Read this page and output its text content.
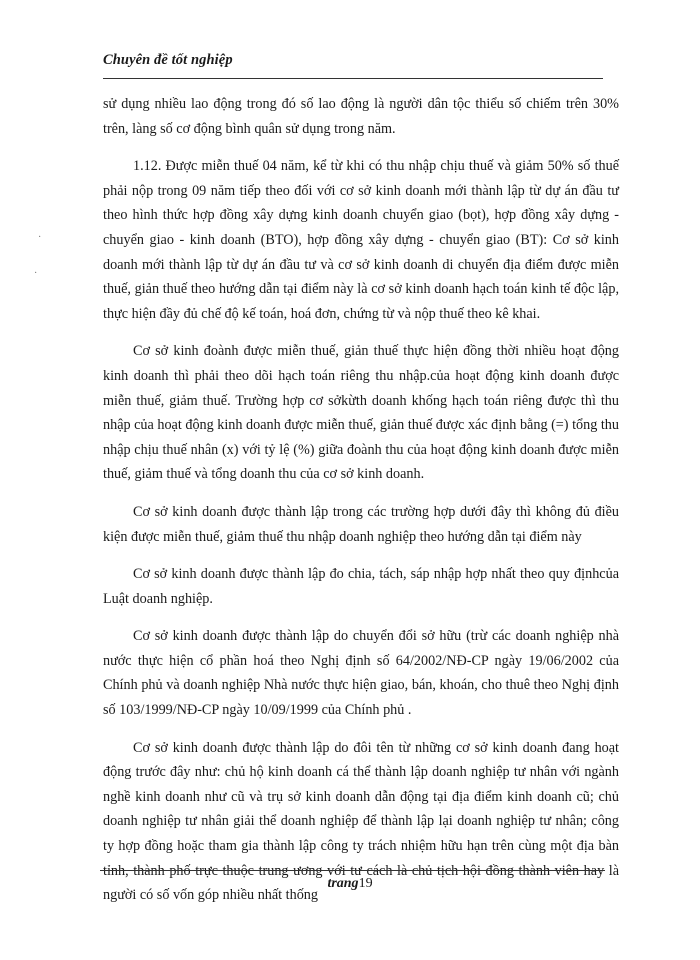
Chuyên đề tốt nghiệp

sử dụng nhiều lao động trong đó số lao động là người dân tộc thiểu số chiếm trên 30% trên, làng số cơ động bình quân sử dụng trong năm.

1.12. Được miễn thuế 04 năm, kể từ khi có thu nhập chịu thuế và giảm 50% số thuế phải nộp trong 09 năm tiếp theo đối với cơ sở kinh doanh mới thành lập từ dự án đầu tư theo hình thức hợp đồng xây dựng kinh doanh chuyển giao (bọt), hợp đồng xây dựng - chuyển giao - kinh doanh (BTO), hợp đồng xây dựng - chuyển giao (BT): Cơ sở kinh doanh mới thành lập từ dự án đầu tư và cơ sở kinh doanh di chuyển địa điểm được miễn thuế, giản thuế theo hướng dẫn tại điểm này là cơ sở kinh doanh hạch toán kinh tế độc lập, thực hiện đầy đủ chế độ kế toán, hoá đơn, chứng từ và nộp thuế theo kê khai.

Cơ sở kinh đoành được miễn thuế, giản thuế thực hiện đồng thời nhiều hoạt động kinh doanh thì phải theo dõi hạch toán riêng thu nhập.của hoạt động kinh doanh được miễn thuế, giảm thuế. Trường hợp cơ sởkừth doanh khống hạch toán riêng được thì thu nhập của hoạt động kinh doanh được miễn thuế, giản thuế được xác định bằng (=) tổng thu nhập chịu thuế nhân (x) với tỷ lệ (%) giữa đoành thu của hoạt động kinh doanh được miễn thuế, giảm thuế và tổng doanh thu của cơ sở kinh doanh.

Cơ sở kinh doanh được thành lập trong các trường hợp dưới đây thì không đủ điều kiện được miễn thuế, giảm thuế thu nhập doanh nghiệp theo hướng dẫn tại điểm này

Cơ sở kinh doanh được thành lập đo chia, tách, sáp nhập hợp nhất theo quy địnhcủa Luật doanh nghiệp.

Cơ sở kinh doanh được thành lập do chuyển đổi sở hữu (trừ các doanh nghiệp nhà nước thực hiện cổ phần hoá theo Nghị định số 64/2002/NĐ-CP ngày 19/06/2002 của Chính phủ và doanh nghiệp Nhà nước thực hiện giao, bán, khoán, cho thuê theo Nghị định số 103/1999/NĐ-CP ngày 10/09/1999 của Chính phủ .

Cơ sở kinh doanh được thành lập do đôi tên từ những cơ sở kinh doanh đang hoạt động trước đây như: chủ hộ kinh doanh cá thể thành lập doanh nghiệp tư nhân với ngành nghề kinh doanh như cũ và trụ sở kinh doanh dẫn động tại địa điểm kinh doanh cũ; chủ doanh nghiệp tư nhân giải thể doanh nghiệp để thành lập lại doanh nghiệp tư nhân; công ty hợp đồng hoặc tham gia thành lập công ty trách nhiệm hữu hạn trên cùng một địa bàn tỉnh, thành phố trực thuộc trung ương với tư cách là chủ tịch hội đồng thành viên hay là người có số vốn góp nhiều nhất thống

·
·
trang19
